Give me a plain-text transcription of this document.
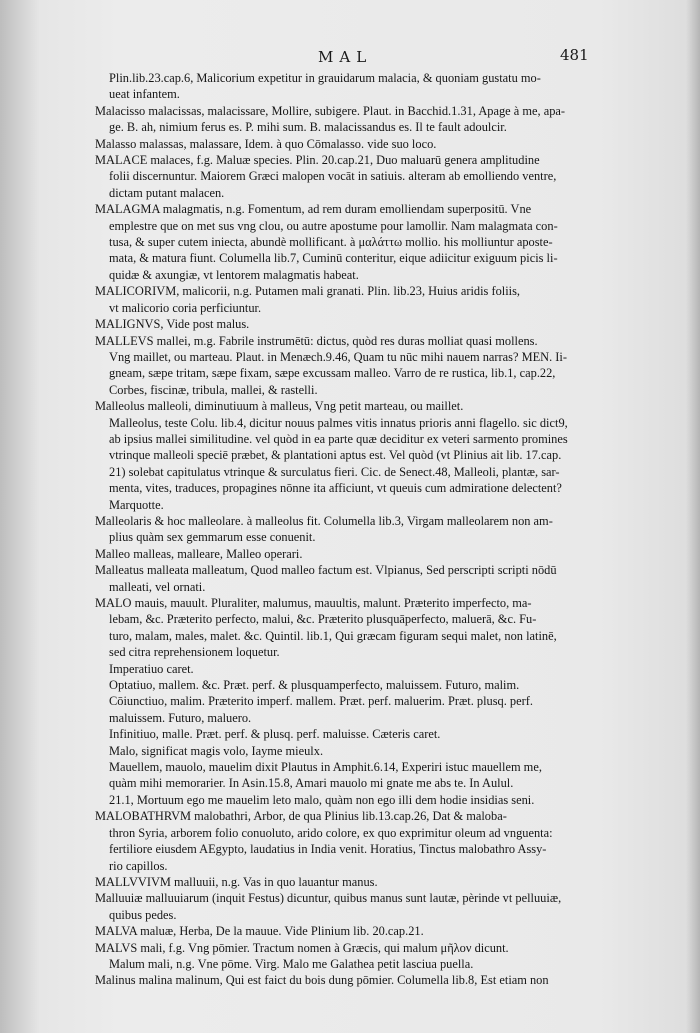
MAL	481
Plin.lib.23.cap.6, Malicorium expetitur in grauidarum malacia, & quoniam gustatu mo-
ueat infantem.
Malacisso malacissas, malacissare, Mollire, subigere. Plaut. in Bacchid.1.31, Apage à me, apa-
ge. B. ah, nimium ferus es. P. mihi sum. B. malacissandus es. Il te fault adoulcir.
Malasso malassas, malassare, Idem. à quo Cōmalasso. vide suo loco.
MALACE malaces, f.g. Maluæ species. Plin. 20.cap.21, Duo maluarū genera amplitudine
folii discernuntur. Maiorem Græci malopen vocāt in satiuis. alteram ab emolliendo ventre,
dictam putant malacen.
MALAGMA malagmatis, n.g. Fomentum, ad rem duram emolliendam superpositū. Vne
emplestre que on met sus vng clou, ou autre apostume pour lamollir. Nam malagmata con-
tusa, & super cutem iniecta, abundè mollificant. à μαλάττω mollio. his molliuntur aposte-
mata, & matura fiunt. Columella lib.7, Cuminū conteritur, eique adiicitur exiguum picis li-
quidæ & axungiæ, vt lentorem malagmatis habeat.
MALICORIVM, malicorii, n.g. Putamen mali granati. Plin. lib.23, Huius aridis foliis,
vt malicorio coria perficiuntur.
MALIGNVS, Vide post malus.
MALLEVS mallei, m.g. Fabrile instrumētū: dictus, quòd res duras molliat quasi mollens.
Vng maillet, ou marteau. Plaut. in Menæch.9.46, Quam tu nūc mihi nauem narras? MEN. Ii-
gneam, sæpe tritam, sæpe fixam, sæpe excussam malleo. Varro de re rustica, lib.1, cap.22,
Corbes, fiscinæ, tribula, mallei, & rastelli.
Malleolus malleoli, diminutiuum à malleus, Vng petit marteau, ou maillet.
Malleolus, teste Colu. lib.4, dicitur nouus palmes vitis innatus prioris anni flagello. sic dict9,
ab ipsius mallei similitudine. vel quòd in ea parte quæ deciditur ex veteri sarmento promines
vtrinque malleoli speciē præbet, & plantationi aptus est. Vel quòd (vt Plinius ait lib. 17.cap.
21) solebat capitulatus vtrinque & surculatus fieri. Cic. de Senect.48, Malleoli, plantæ, sar-
menta, vites, traduces, propagines nōnne ita afficiunt, vt queuis cum admiratione delectent?
Marquotte.
Malleolaris & hoc malleolare. à malleolus fit. Columella lib.3, Virgam malleolarem non am-
plius quàm sex gemmarum esse conuenit.
Malleo malleas, malleare, Malleo operari.
Malleatus malleata malleatum, Quod malleo factum est. Vlpianus, Sed perscripti scripti nōdū
malleati, vel ornati.
MALO mauis, mauult. Pluraliter, malumus, mauultis, malunt. Præterito imperfecto, ma-
lebam, &c. Præterito perfecto, malui, &c. Præterito plusquāperfecto, maluerā, &c. Fu-
turo, malam, males, malet. &c. Quintil. lib.1, Qui græcam figuram sequi malet, non latinē,
sed citra reprehensionem loquetur.
Imperatiuo caret.
Optatiuo, mallem. &c. Præt. perf. & plusquamperfecto, maluissem. Futuro, malim.
Cōiunctiuo, malim. Præterito imperf. mallem. Præt. perf. maluerim. Præt. plusq. perf.
maluissem. Futuro, maluero.
Infinitiuo, malle. Præt. perf. & plusq. perf. maluisse. Cæteris caret.
Malo, significat magis volo, Iayme mieulx.
Mauellem, mauolo, mauelim dixit Plautus in Amphit.6.14, Experiri istuc mauellem me,
quàm mihi memorarier. In Asin.15.8, Amari mauolo mi gnate me abs te. In Aulul.
21.1, Mortuum ego me mauelim leto malo, quàm non ego illi dem hodie insidias seni.
MALOBATHRVM malobathri, Arbor, de qua Plinius lib.13.cap.26, Dat & maloba-
thron Syria, arborem folio conuoluto, arido colore, ex quo exprimitur oleum ad vnguenta:
fertiliore eiusdem AEgypto, laudatius in India venit. Horatius, Tinctus malobathro Assy-
rio capillos.
MALLVVIVM malluuii, n.g. Vas in quo lauantur manus.
Malluuiæ malluuiarum (inquit Festus) dicuntur, quibus manus sunt lautæ, pèrinde vt pelluuiæ,
quibus pedes.
MALVA maluæ, Herba, De la mauue. Vide Plinium lib. 20.cap.21.
MALVS mali, f.g. Vng pōmier. Tractum nomen à Græcis, qui malum μῆλον dicunt.
Malum mali, n.g. Vne pōme. Virg. Malo me Galathea petit lasciua puella.
Malinus malina malinum, Qui est faict du bois dung pōmier. Columella lib.8, Est etiam non
